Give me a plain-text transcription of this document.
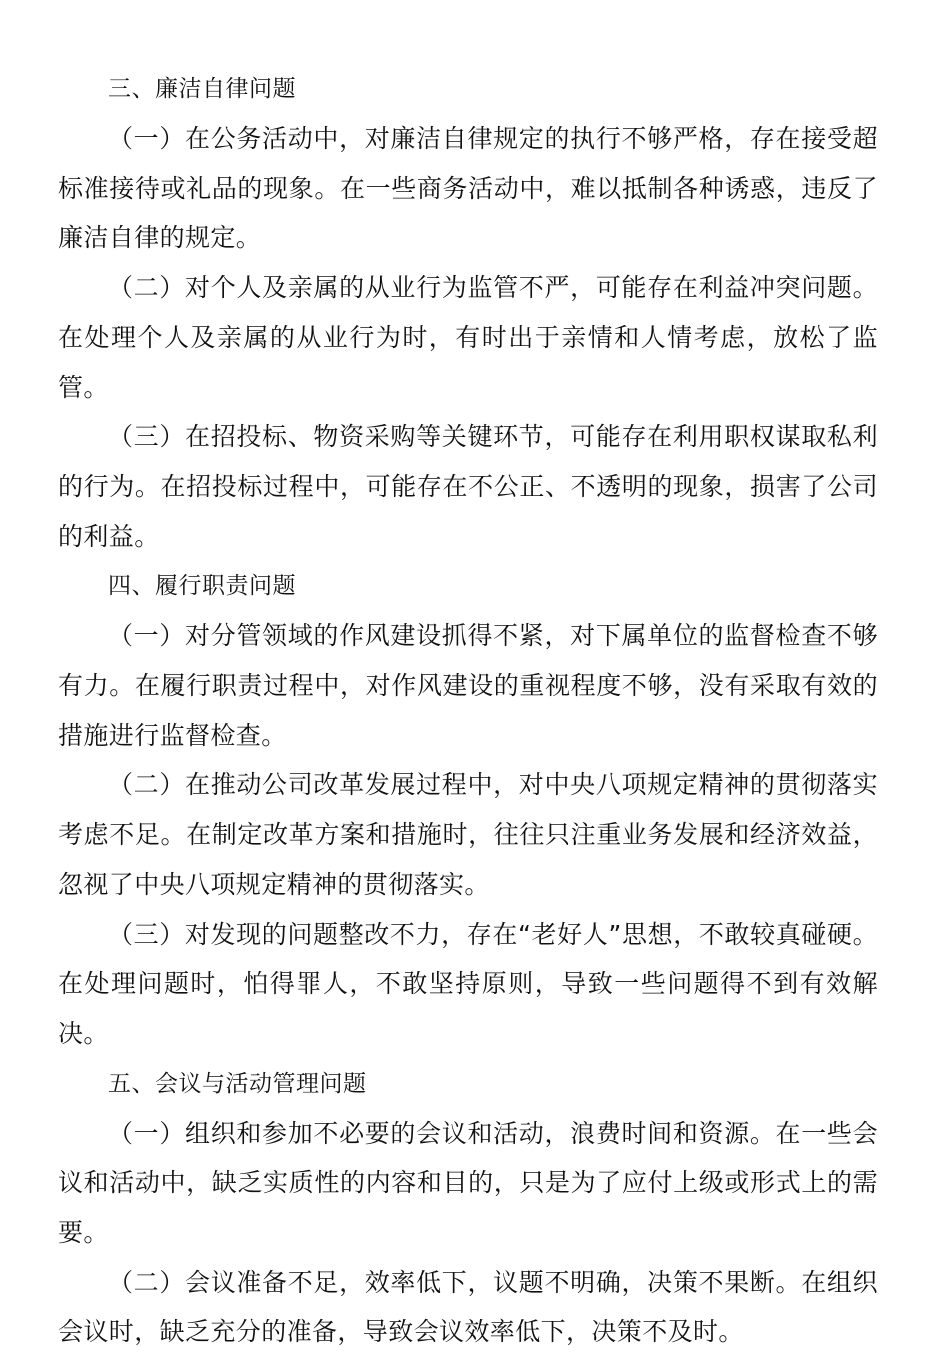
三、廉洁自律问题

（一）在公务活动中，对廉洁自律规定的执行不够严格，存在接受超标准接待或礼品的现象。在一些商务活动中，难以抵制各种诱惑，违反了廉洁自律的规定。

（二）对个人及亲属的从业行为监管不严，可能存在利益冲突问题。在处理个人及亲属的从业行为时，有时出于亲情和人情考虑，放松了监管。

（三）在招投标、物资采购等关键环节，可能存在利用职权谋取私利的行为。在招投标过程中，可能存在不公正、不透明的现象，损害了公司的利益。

四、履行职责问题

（一）对分管领域的作风建设抓得不紧，对下属单位的监督检查不够有力。在履行职责过程中，对作风建设的重视程度不够，没有采取有效的措施进行监督检查。

（二）在推动公司改革发展过程中，对中央八项规定精神的贯彻落实考虑不足。在制定改革方案和措施时，往往只注重业务发展和经济效益，忽视了中央八项规定精神的贯彻落实。

（三）对发现的问题整改不力，存在“老好人”思想，不敢较真碰硬。在处理问题时，怕得罪人，不敢坚持原则，导致一些问题得不到有效解决。

五、会议与活动管理问题

（一）组织和参加不必要的会议和活动，浪费时间和资源。在一些会议和活动中，缺乏实质性的内容和目的，只是为了应付上级或形式上的需要。

（二）会议准备不足，效率低下，议题不明确，决策不果断。在组织会议时，缺乏充分的准备，导致会议效率低下，决策不及时。
